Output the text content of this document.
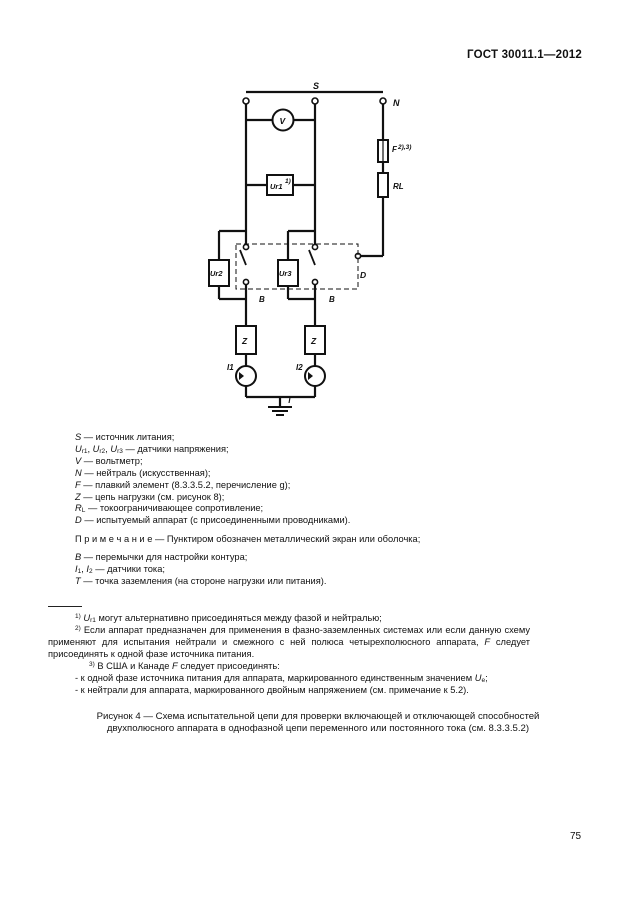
ГОСТ 30011.1—2012
S
N
V
Ur1
1)
Ur2	Ur3
F 2),3)
RL
D
B	B
Z	Z
I1	I2
T
S — источник литания;
$U_{r1}$, $U_{r2}$, $U_{r3}$ — датчики напряжения;
V — вольтметр;
N — нейтраль (искусственная);
F — плавкий элемент (8.3.3.5.2, перечисление g);
Z — цепь нагрузки (см. рисунок 8);
$R_L$ — токоограничивающее сопротивление;
D — испытуемый аппарат (с присоединенными проводниками).
П р и м е ч а н и е — Пунктиром обозначен металлический экран или оболочка;
B — перемычки для настройки контура;
$I_1$, $I_2$ — датчики тока;
T — точка заземления (на стороне нагрузки или питания).
$^{1)}$ $U_{r1}$ могут альтернативно присоединяться между фазой и нейтралью;
$^{2)}$ Если аппарат предназначен для применения в фазно-заземленных системах или если данную схему применяют для испытания нейтрали и смежного с ней полюса четырехполюсного аппарата, F следует присоединять к одной фазе источника питания.
$^{3)}$ В США и Канаде F следует присоединять:
- к одной фазе источника питания для аппарата, маркированного единственным значением $U_e$;
- к нейтрали для аппарата, маркированного двойным напряжением (см. примечание к 5.2).
Рисунок 4 — Схема испытательной цепи для проверки включающей и отключающей способностей
двухполюсного аппарата в однофазной цепи переменного или постоянного тока (см. 8.3.3.5.2)
75
